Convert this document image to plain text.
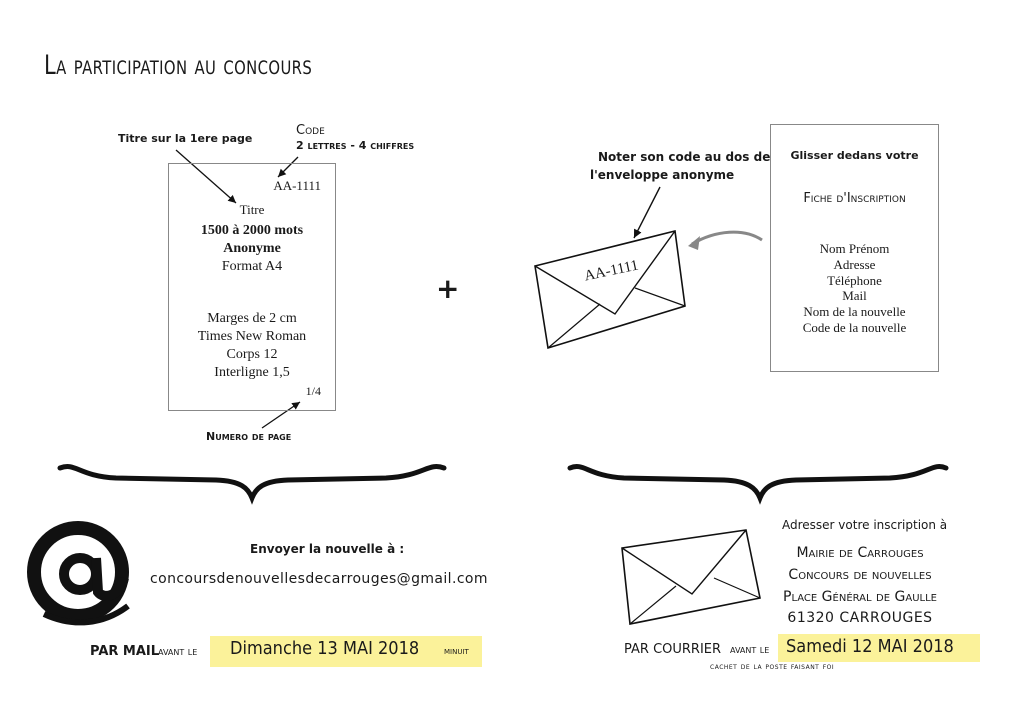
La participation au concours
Titre sur la 1ere page
Code
2 lettres - 4 chiffres
AA-1111
Titre
1500 à 2000 mots
Anonyme
Format A4
Marges de 2 cm
Times New Roman
Corps 12
Interligne 1,5
1/4
Numero de page
+
Noter son code au dos de
l'enveloppe anonyme
AA-1111
Glisser dedans votre
Fiche d'Inscription
Nom Prénom
Adresse
Téléphone
Mail
Nom de la nouvelle
Code de la nouvelle
Envoyer la nouvelle à :
concoursdenouvellesdecarrouges@gmail.com
PAR MAIL
avant le Dimanche 13 MAI 2018 minuit
Adresser votre inscription à
Mairie de Carrouges
Concours de nouvelles
Place Général de Gaulle
61320 CARROUGES
PAR COURRIER avant le Samedi 12 MAI 2018
cachet de la poste faisant foi
